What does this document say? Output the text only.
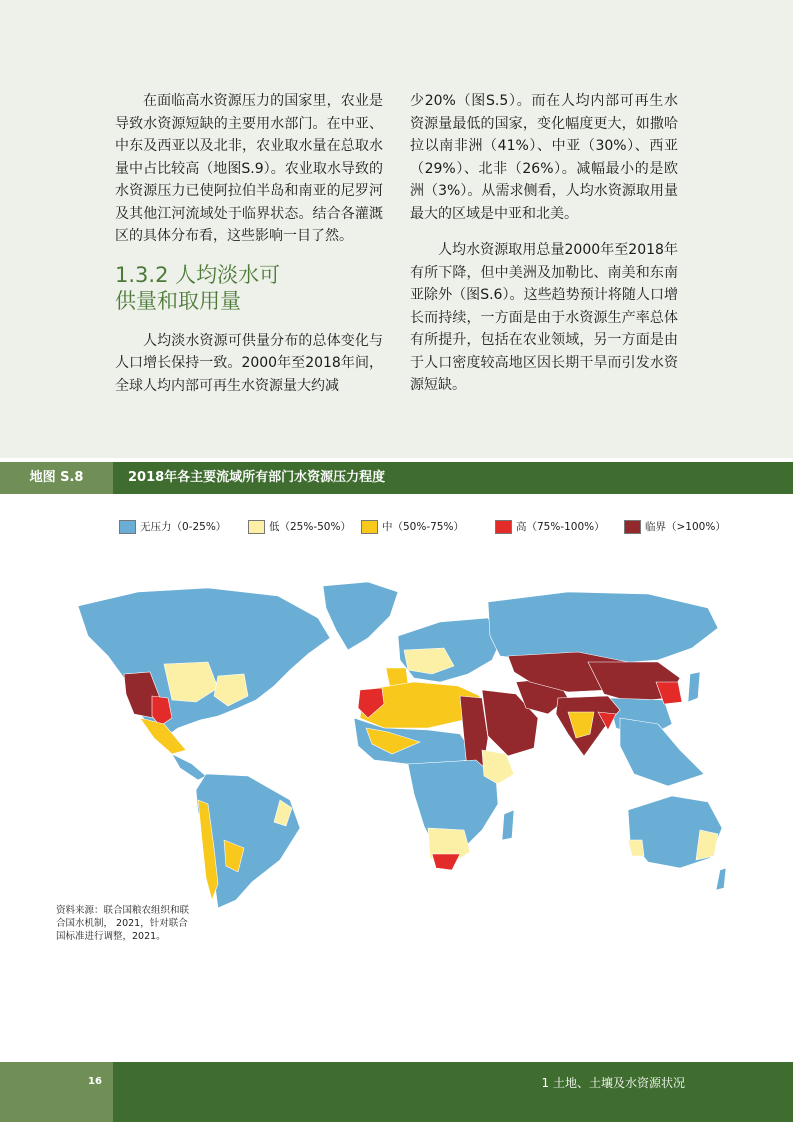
在面临高水资源压力的国家里，农业是导致水资源短缺的主要用水部门。在中亚、中东及西亚以及北非，农业取水量在总取水量中占比较高（地图S.9）。农业取水导致的水资源压力已使阿拉伯半岛和南亚的尼罗河及其他江河流域处于临界状态。结合各灌溉区的具体分布看，这些影响一目了然。

1.3.2 人均淡水可
供量和取用量

人均淡水资源可供量分布的总体变化与人口增长保持一致。2000年至2018年间，全球人均内部可再生水资源量大约减

少20%（图S.5）。而在人均内部可再生水资源量最低的国家，变化幅度更大，如撒哈拉以南非洲（41%）、中亚（30%）、西亚（29%）、北非（26%）。减幅最小的是欧洲（3%）。从需求侧看，人均水资源取用量最大的区域是中亚和北美。

人均水资源取用总量2000年至2018年有所下降，但中美洲及加勒比、南美和东南亚除外（图S.6）。这些趋势预计将随人口增长而持续，一方面是由于水资源生产率总体有所提升，包括在农业领域，另一方面是由于人口密度较高地区因长期干旱而引发水资源短缺。

地图 S.8	2018年各主要流域所有部门水资源压力程度
无压力（0-25%）	低（25%-50%）	中（50%-75%）	高（75%-100%）	临界（>100%）
资料来源：联合国粮农组织和联
合国水机制， 2021，针对联合
国标准进行调整，2021。
16	1 土地、土壤及水资源状况
